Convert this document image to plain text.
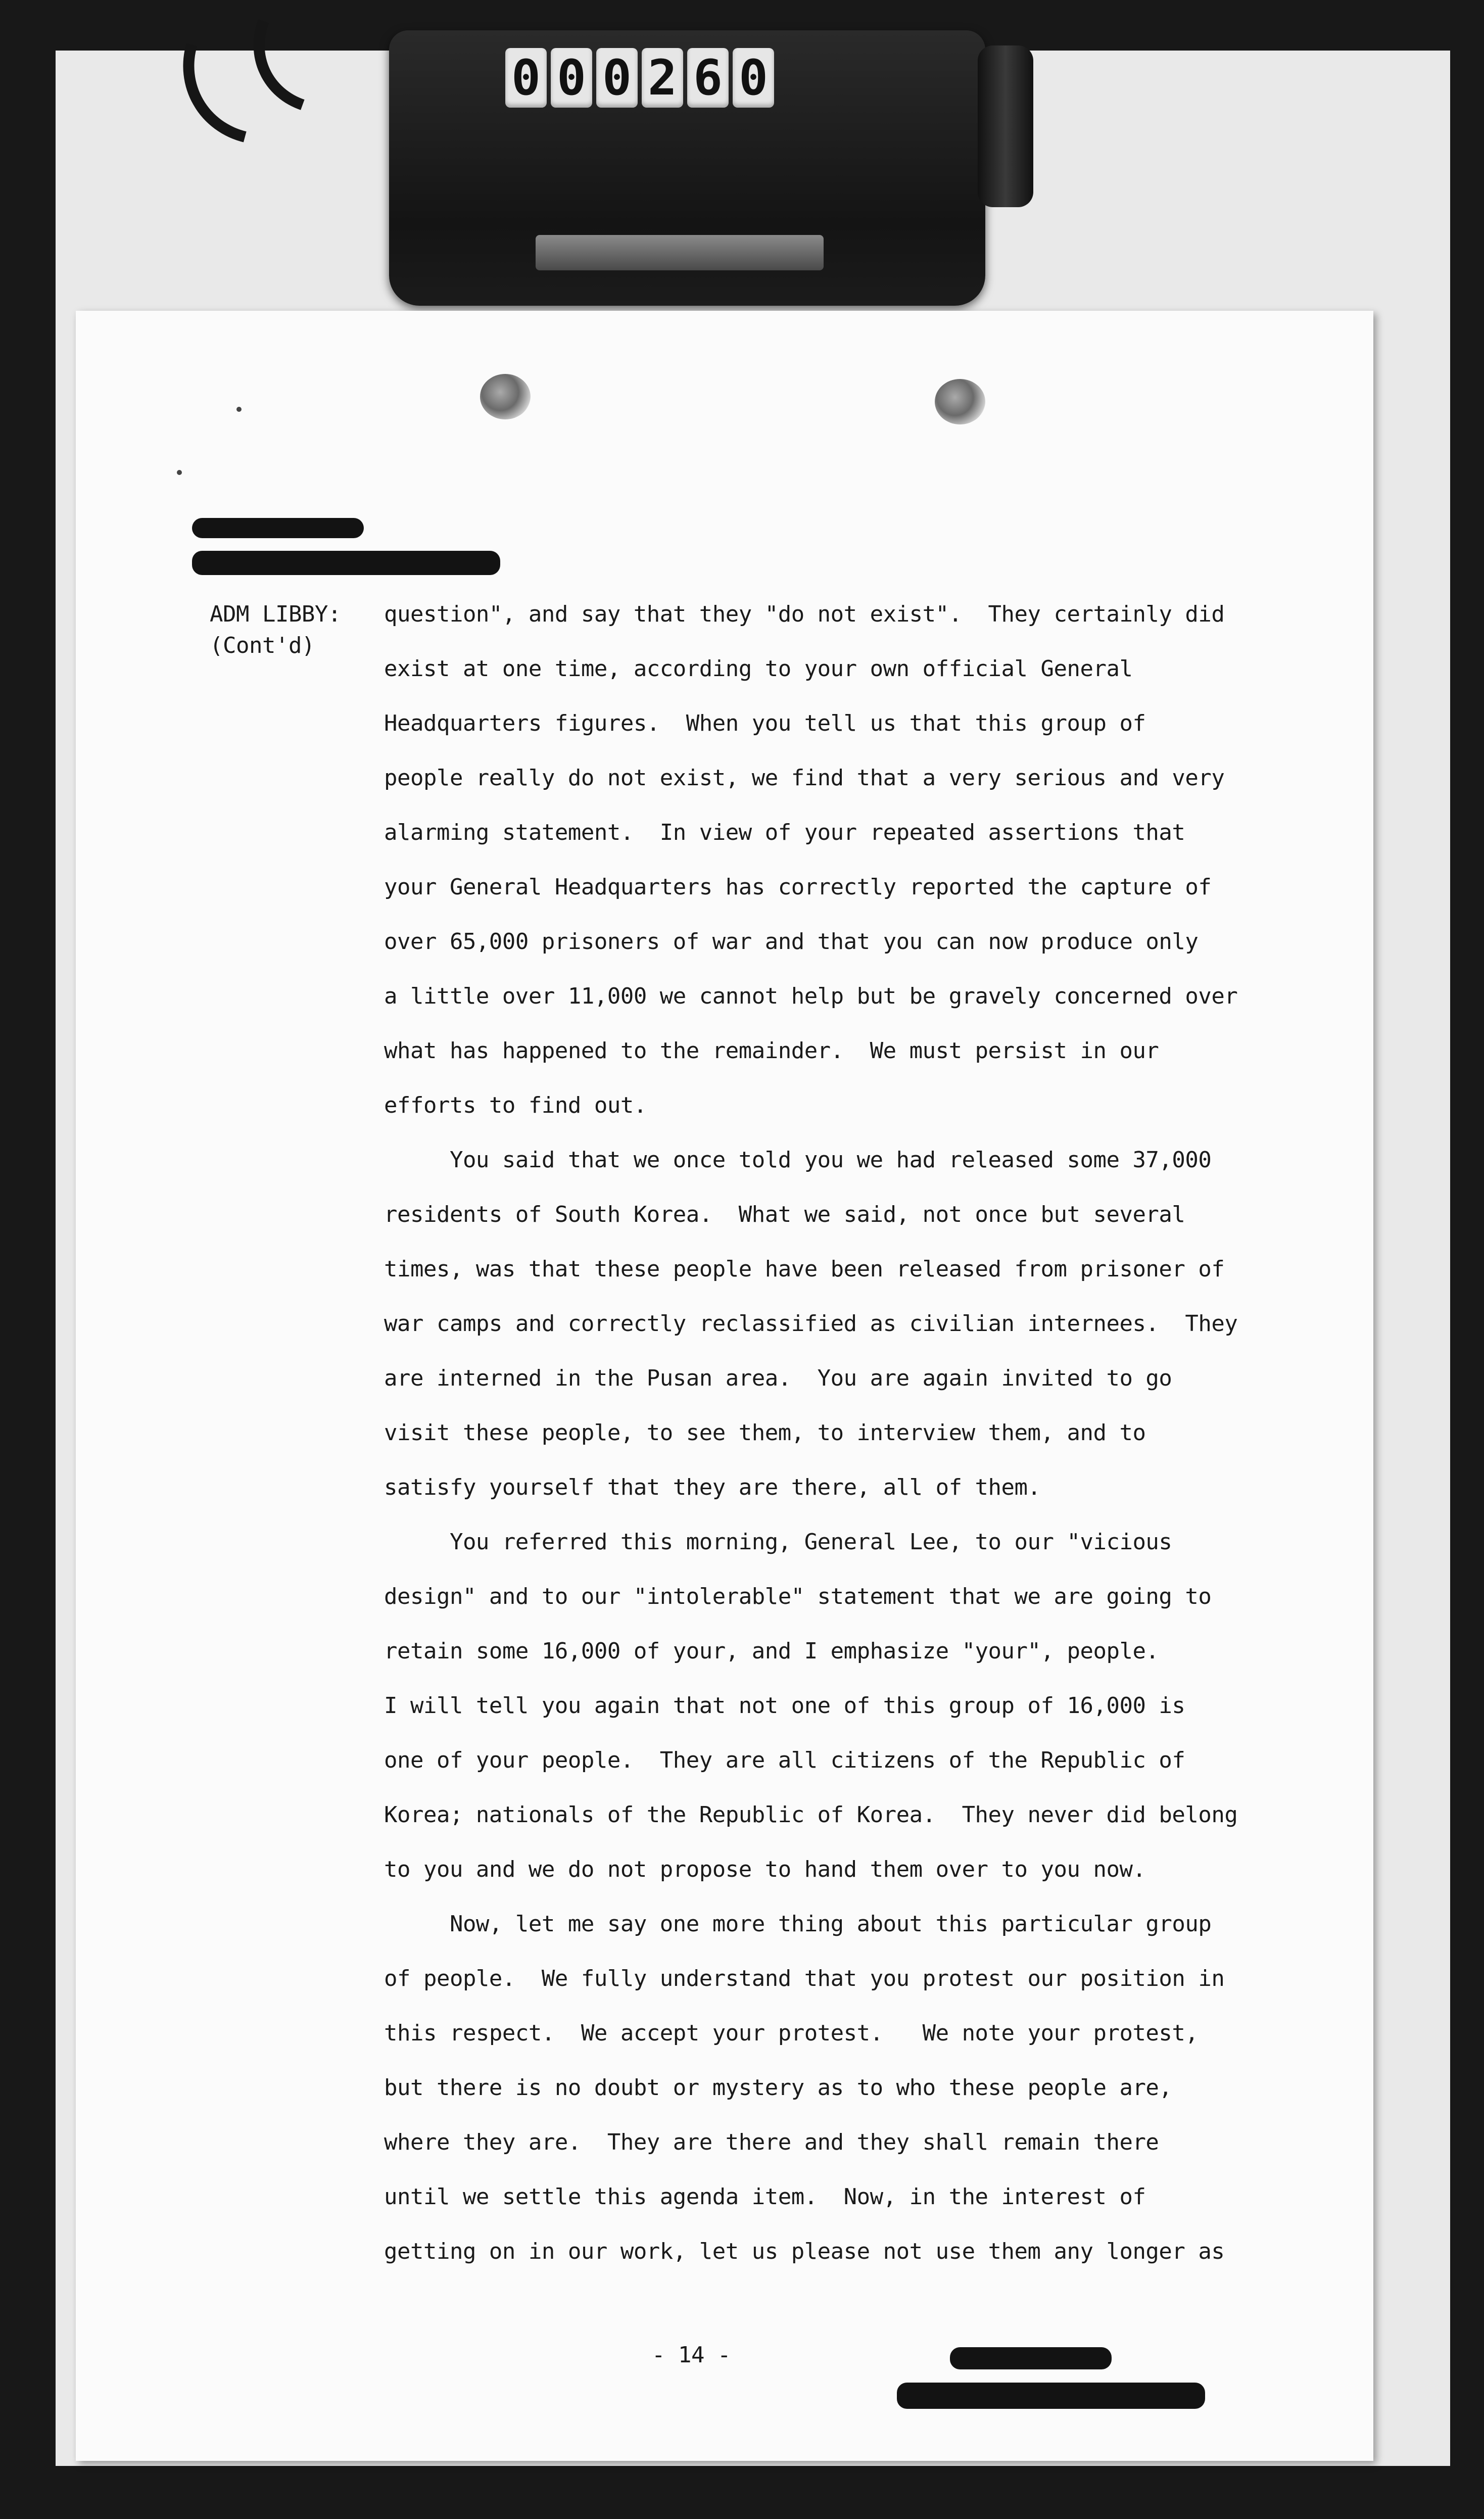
0 0 0 2 6 0
ADM LIBBY:
(Cont'd)
question", and say that they "do not exist".  They certainly did
exist at one time, according to your own official General
Headquarters figures.  When you tell us that this group of
people really do not exist, we find that a very serious and very
alarming statement.  In view of your repeated assertions that
your General Headquarters has correctly reported the capture of
over 65,000 prisoners of war and that you can now produce only
a little over 11,000 we cannot help but be gravely concerned over
what has happened to the remainder.  We must persist in our
efforts to find out.
You said that we once told you we had released some 37,000
residents of South Korea.  What we said, not once but several
times, was that these people have been released from prisoner of
war camps and correctly reclassified as civilian internees.  They
are interned in the Pusan area.  You are again invited to go
visit these people, to see them, to interview them, and to
satisfy yourself that they are there, all of them.
You referred this morning, General Lee, to our "vicious
design" and to our "intolerable" statement that we are going to
retain some 16,000 of your, and I emphasize "your", people.
I will tell you again that not one of this group of 16,000 is
one of your people.  They are all citizens of the Republic of
Korea; nationals of the Republic of Korea.  They never did belong
to you and we do not propose to hand them over to you now.
Now, let me say one more thing about this particular group
of people.  We fully understand that you protest our position in
this respect.  We accept your protest.   We note your protest,
but there is no doubt or mystery as to who these people are,
where they are.  They are there and they shall remain there
until we settle this agenda item.  Now, in the interest of
getting on in our work, let us please not use them any longer as
- 14 -
